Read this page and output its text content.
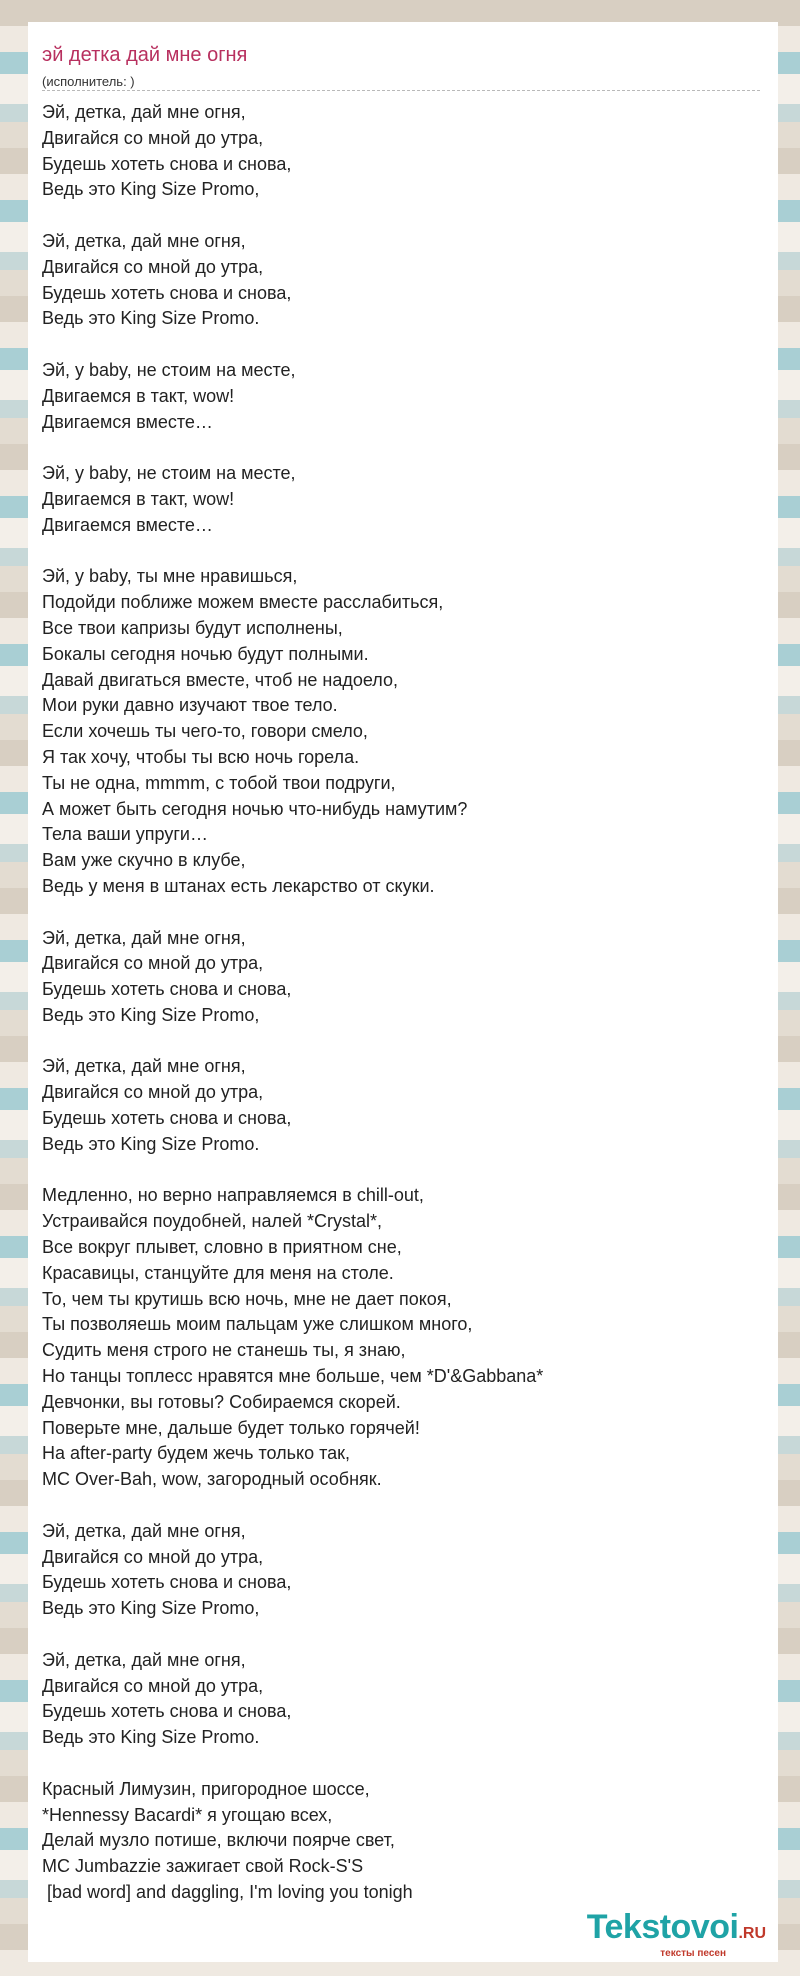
эй детка дай мне огня
(исполнитель: )
Эй, детка, дай мне огня,
Двигайся со мной до утра,
Будешь хотеть снова и снова,
Ведь это King Size Promo,

Эй, детка, дай мне огня,
Двигайся со мной до утра,
Будешь хотеть снова и снова,
Ведь это King Size Promo.

Эй, у baby, не стоим на месте,
Двигаемся в такт, wow!
Двигаемся вместе…

Эй, у baby, не стоим на месте,
Двигаемся в такт, wow!
Двигаемся вместе…

Эй, у baby, ты мне нравишься,
Подойди поближе можем вместе расслабиться,
Все твои капризы будут исполнены,
Бокалы сегодня ночью будут полными.
Давай двигаться вместе, чтоб не надоело,
Мои руки давно изучают твое тело.
Если хочешь ты чего-то, говори смело,
Я так хочу, чтобы ты всю ночь горела.
Ты не одна, mmmm, с тобой твои подруги,
А может быть сегодня ночью что-нибудь намутим?
Тела ваши упруги…
Вам уже скучно в клубе,
Ведь у меня в штанах есть лекарство от скуки.

Эй, детка, дай мне огня,
Двигайся со мной до утра,
Будешь хотеть снова и снова,
Ведь это King Size Promo,

Эй, детка, дай мне огня,
Двигайся со мной до утра,
Будешь хотеть снова и снова,
Ведь это King Size Promo.

Медленно, но верно направляемся в chill-out,
Устраивайся поудобней, налей *Crystal*,
Все вокруг плывет, словно в приятном сне,
Красавицы, станцуйте для меня на столе.
То, чем ты крутишь всю ночь, мне не дает покоя,
Ты позволяешь моим пальцам уже слишком много,
Судить меня строго не станешь ты, я знаю,
Но танцы топлесс нравятся мне больше, чем *D'&Gabbana*
Девчонки, вы готовы? Собираемся скорей.
Поверьте мне, дальше будет только горячей!
На after-party будем жечь только так,
MC Over-Bah, wow, загородный особняк.

Эй, детка, дай мне огня,
Двигайся со мной до утра,
Будешь хотеть снова и снова,
Ведь это King Size Promo,

Эй, детка, дай мне огня,
Двигайся со мной до утра,
Будешь хотеть снова и снова,
Ведь это King Size Promo.

Красный Лимузин, пригородное шоссе,
*Hennessy Bacardi* я угощаю всех,
Делай музло потише, включи поярче свет,
MC Jumbazzie зажигает свой Rock-S'S
[bad word] and daggling, I'm loving you tonigh
Tekstovoi.RU
тексты песен
